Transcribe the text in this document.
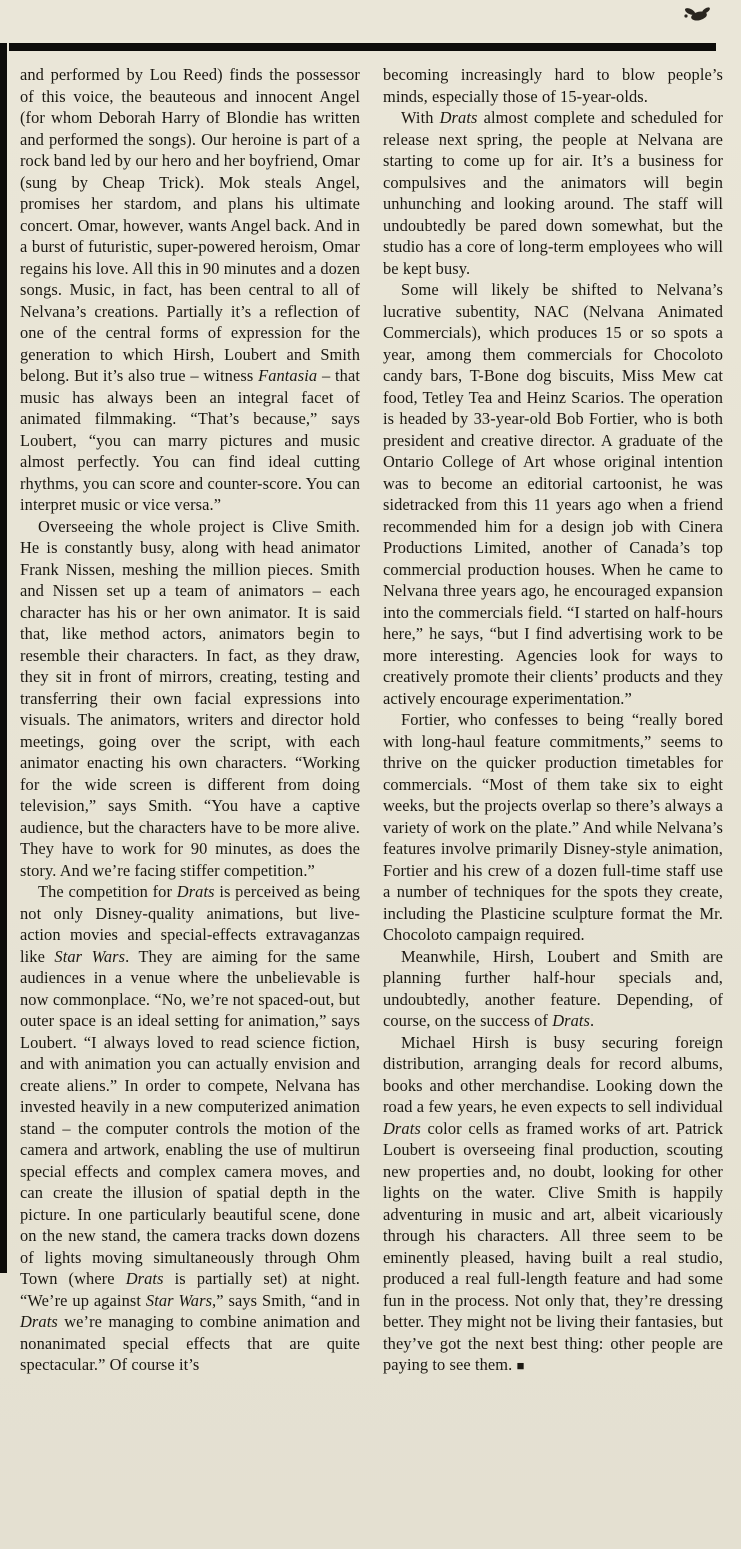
and performed by Lou Reed) finds the possessor of this voice, the beauteous and innocent Angel (for whom Deborah Harry of Blondie has written and performed the songs). Our heroine is part of a rock band led by our hero and her boyfriend, Omar (sung by Cheap Trick). Mok steals Angel, promises her stardom, and plans his ultimate concert. Omar, however, wants Angel back. And in a burst of futuristic, super-powered heroism, Omar regains his love. All this in 90 minutes and a dozen songs. Music, in fact, has been central to all of Nelvana’s creations. Partially it’s a reflection of one of the central forms of expression for the generation to which Hirsh, Loubert and Smith belong. But it’s also true – witness Fantasia – that music has always been an integral facet of animated filmmaking. “That’s because,” says Loubert, “you can marry pictures and music almost perfectly. You can find ideal cutting rhythms, you can score and counter-score. You can interpret music or vice versa.”

Overseeing the whole project is Clive Smith. He is constantly busy, along with head animator Frank Nissen, meshing the million pieces. Smith and Nissen set up a team of animators – each character has his or her own animator. It is said that, like method actors, animators begin to resemble their characters. In fact, as they draw, they sit in front of mirrors, creating, testing and transferring their own facial expressions into visuals. The animators, writers and director hold meetings, going over the script, with each animator enacting his own characters. “Working for the wide screen is different from doing television,” says Smith. “You have a captive audience, but the characters have to be more alive. They have to work for 90 minutes, as does the story. And we’re facing stiffer competition.”

The competition for Drats is perceived as being not only Disney-quality animations, but live-action movies and special-effects extravaganzas like Star Wars. They are aiming for the same audiences in a venue where the unbelievable is now commonplace. “No, we’re not spaced-out, but outer space is an ideal setting for animation,” says Loubert. “I always loved to read science fiction, and with animation you can actually envision and create aliens.” In order to compete, Nelvana has invested heavily in a new computerized animation stand – the computer controls the motion of the camera and artwork, enabling the use of multirun special effects and complex camera moves, and can create the illusion of spatial depth in the picture. In one particularly beautiful scene, done on the new stand, the camera tracks down dozens of lights moving simultaneously through Ohm Town (where Drats is partially set) at night. “We’re up against Star Wars,” says Smith, “and in Drats we’re managing to combine animation and nonanimated special effects that are quite spectacular.” Of course it’s

becoming increasingly hard to blow people’s minds, especially those of 15-year-olds.

With Drats almost complete and scheduled for release next spring, the people at Nelvana are starting to come up for air. It’s a business for compulsives and the animators will begin unhunching and looking around. The staff will undoubtedly be pared down somewhat, but the studio has a core of long-term employees who will be kept busy.

Some will likely be shifted to Nelvana’s lucrative subentity, NAC (Nelvana Animated Commercials), which produces 15 or so spots a year, among them commercials for Chocoloto candy bars, T-Bone dog biscuits, Miss Mew cat food, Tetley Tea and Heinz Scarios. The operation is headed by 33-year-old Bob Fortier, who is both president and creative director. A graduate of the Ontario College of Art whose original intention was to become an editorial cartoonist, he was sidetracked from this 11 years ago when a friend recommended him for a design job with Cinera Productions Limited, another of Canada’s top commercial production houses. When he came to Nelvana three years ago, he encouraged expansion into the commercials field. “I started on half-hours here,” he says, “but I find advertising work to be more interesting. Agencies look for ways to creatively promote their clients’ products and they actively encourage experimentation.”

Fortier, who confesses to being “really bored with long-haul feature commitments,” seems to thrive on the quicker production timetables for commercials. “Most of them take six to eight weeks, but the projects overlap so there’s always a variety of work on the plate.” And while Nelvana’s features involve primarily Disney-style animation, Fortier and his crew of a dozen full-time staff use a number of techniques for the spots they create, including the Plasticine sculpture format the Mr. Chocoloto campaign required.

Meanwhile, Hirsh, Loubert and Smith are planning further half-hour specials and, undoubtedly, another feature. Depending, of course, on the success of Drats.

Michael Hirsh is busy securing foreign distribution, arranging deals for record albums, books and other merchandise. Looking down the road a few years, he even expects to sell individual Drats color cells as framed works of art. Patrick Loubert is overseeing final production, scouting new properties and, no doubt, looking for other lights on the water. Clive Smith is happily adventuring in music and art, albeit vicariously through his characters. All three seem to be eminently pleased, having built a real studio, produced a real full-length feature and had some fun in the process. Not only that, they’re dressing better. They might not be living their fantasies, but they’ve got the next best thing: other people are paying to see them. ■
